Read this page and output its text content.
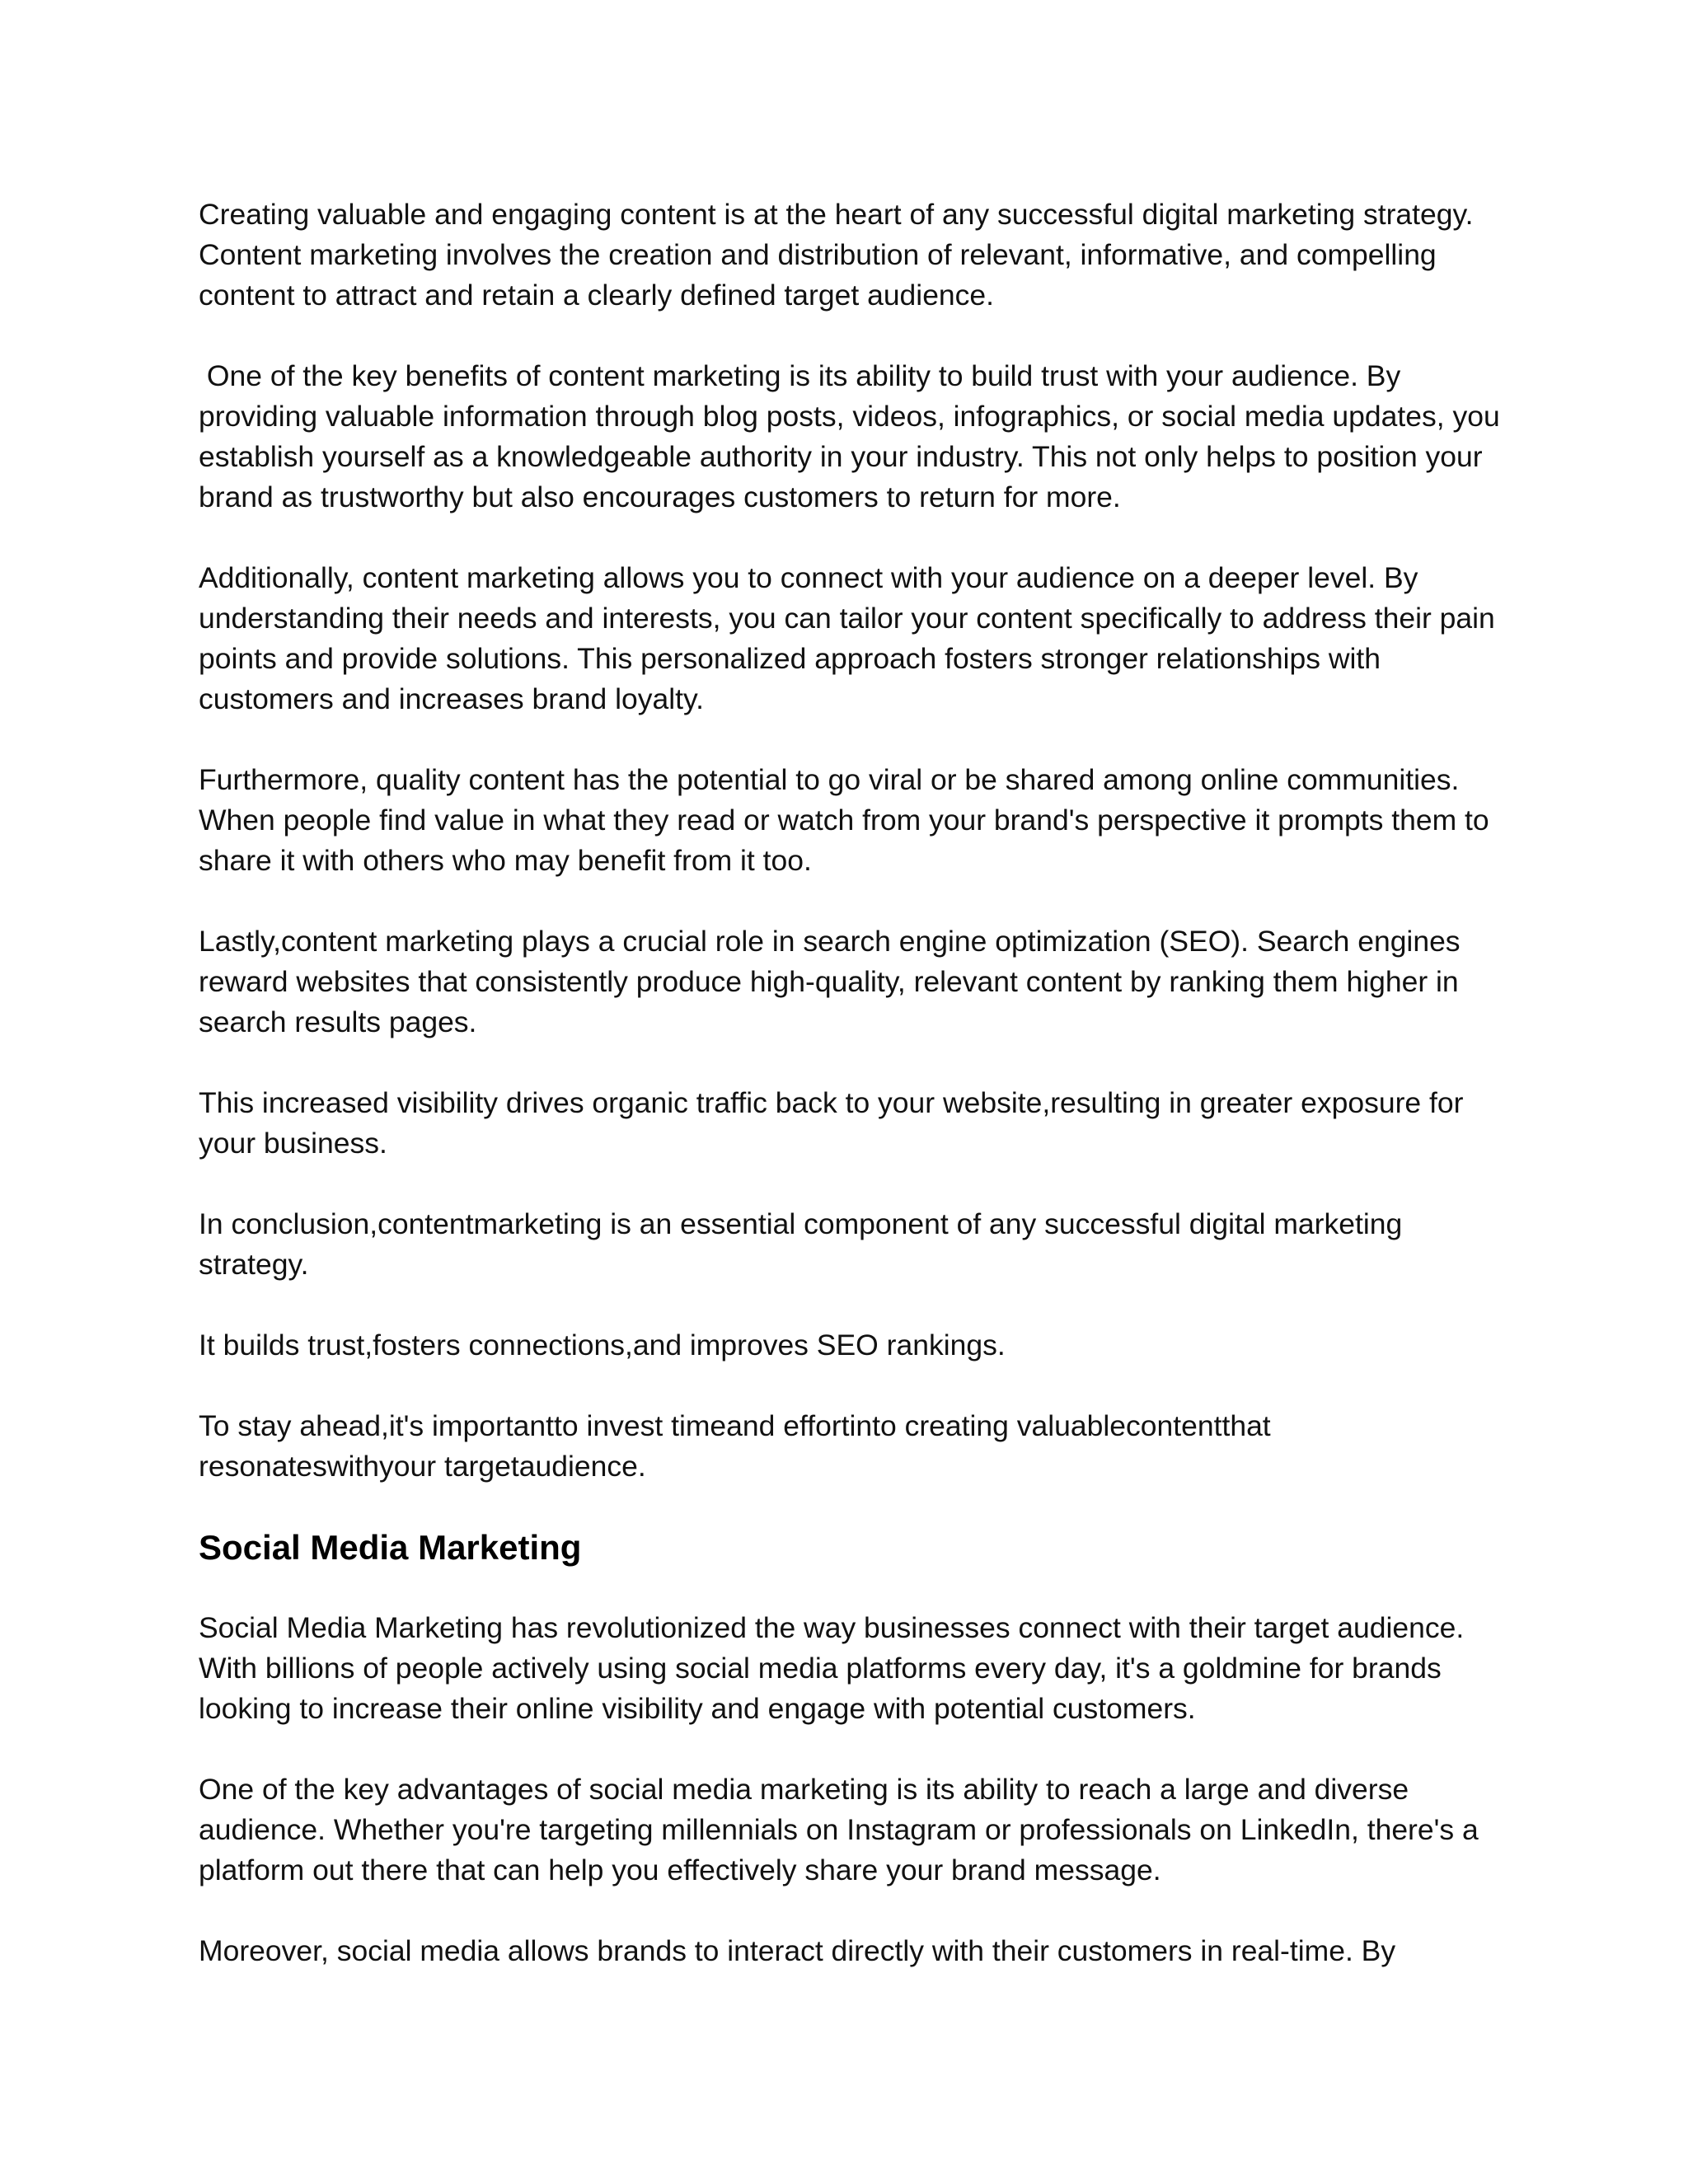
Creating valuable and engaging content is at the heart of any successful digital marketing strategy. Content marketing involves the creation and distribution of relevant, informative, and compelling content to attract and retain a clearly defined target audience.

One of the key benefits of content marketing is its ability to build trust with your audience. By providing valuable information through blog posts, videos, infographics, or social media updates, you establish yourself as a knowledgeable authority in your industry. This not only helps to position your brand as trustworthy but also encourages customers to return for more.

Additionally, content marketing allows you to connect with your audience on a deeper level. By understanding their needs and interests, you can tailor your content specifically to address their pain points and provide solutions. This personalized approach fosters stronger relationships with customers and increases brand loyalty.

Furthermore, quality content has the potential to go viral or be shared among online communities. When people find value in what they read or watch from your brand's perspective it prompts them to share it with others who may benefit from it too.

Lastly,content marketing plays a crucial role in search engine optimization (SEO). Search engines reward websites that consistently produce high-quality, relevant content by ranking them higher in search results pages.

This increased visibility drives organic traffic back to your website,resulting in greater exposure for your business.

In conclusion,contentmarketing is an essential component of any successful digital marketing strategy.

It builds trust,fosters connections,and improves SEO rankings.

To stay ahead,it's importantto invest timeand effortinto creating valuablecontentthat resonateswithyour targetaudience.

Social Media Marketing

Social Media Marketing has revolutionized the way businesses connect with their target audience. With billions of people actively using social media platforms every day, it's a goldmine for brands looking to increase their online visibility and engage with potential customers.

One of the key advantages of social media marketing is its ability to reach a large and diverse audience. Whether you're targeting millennials on Instagram or professionals on LinkedIn, there's a platform out there that can help you effectively share your brand message.

Moreover, social media allows brands to interact directly with their customers in real-time. By
